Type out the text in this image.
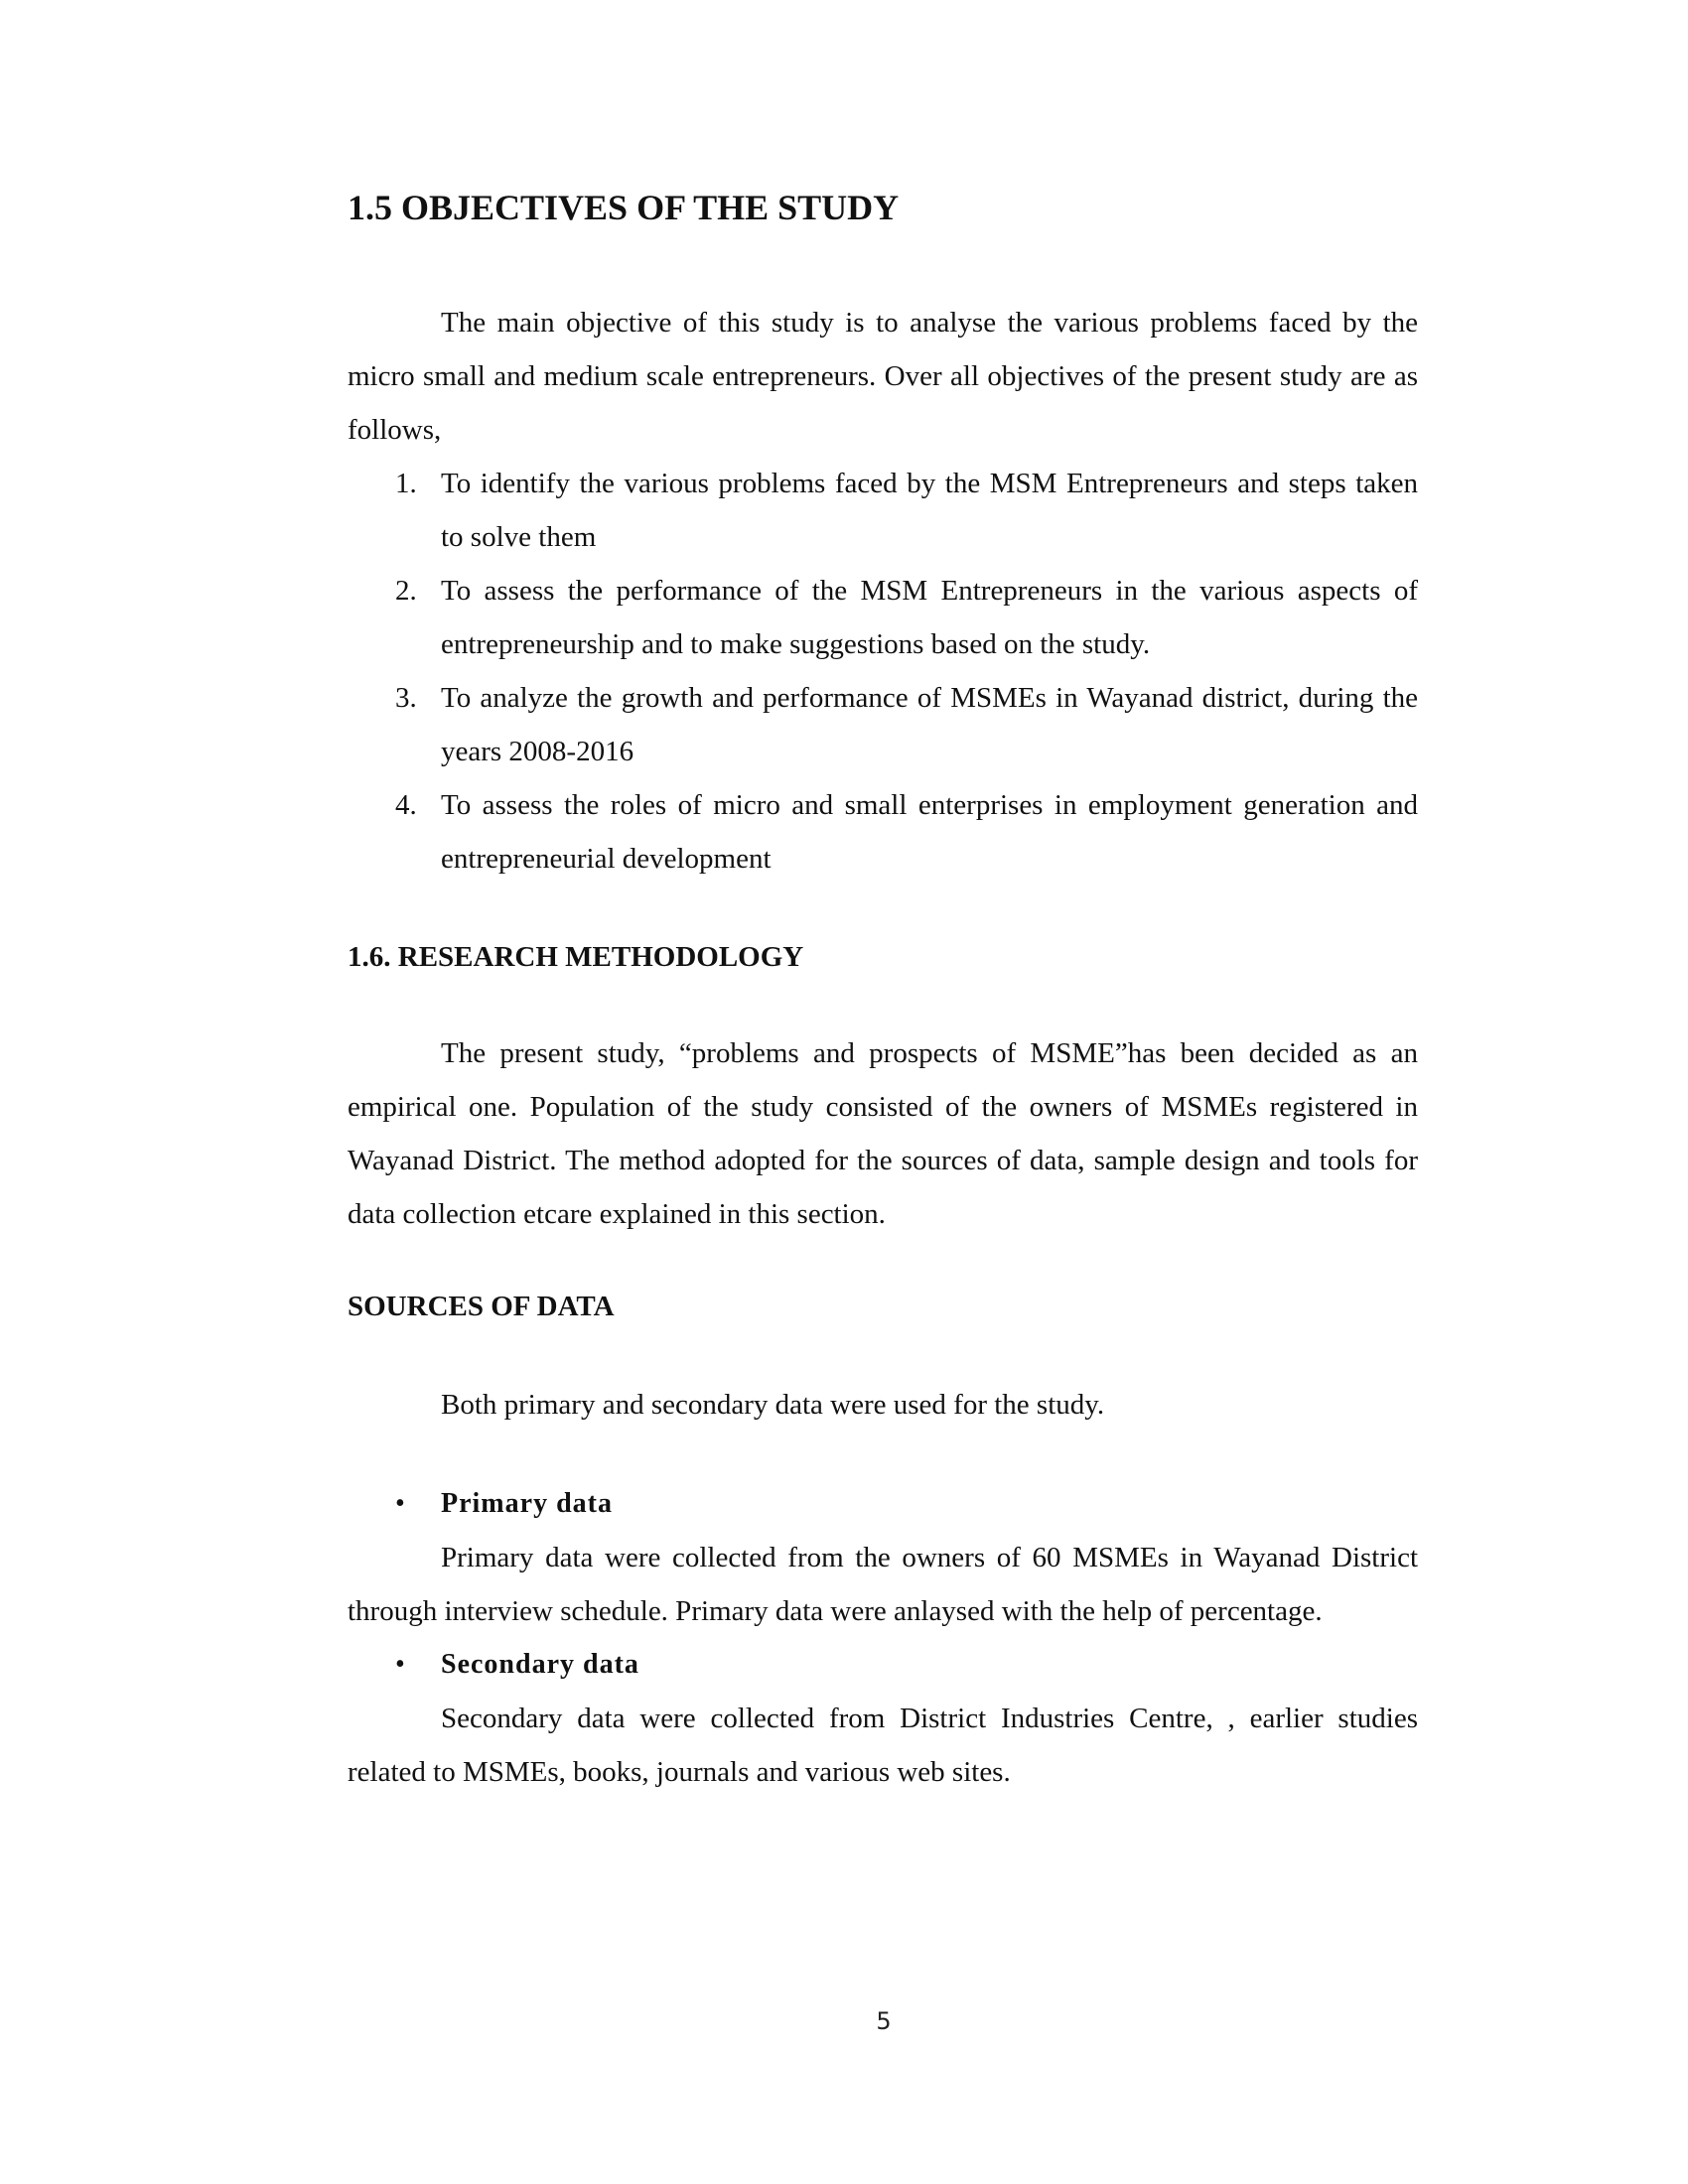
1.5 OBJECTIVES OF THE STUDY

The main objective of this study is to analyse the various problems faced by the micro small and medium scale entrepreneurs. Over all objectives of the present study are as follows,

1. To identify the various problems faced by the MSM Entrepreneurs and steps taken to solve them
2. To assess the performance of the MSM Entrepreneurs in the various aspects of entrepreneurship and to make suggestions based on the study.
3. To analyze the growth and performance of MSMEs in Wayanad district, during the years 2008-2016
4. To assess the roles of micro and small enterprises in employment generation and entrepreneurial development
1.6. RESEARCH METHODOLOGY

The present study, “problems and prospects of MSME”has been decided as an empirical one. Population of the study consisted of the owners of MSMEs registered in Wayanad District. The method adopted for the sources of data, sample design and tools for data collection etcare explained in this section.

SOURCES OF DATA

Both primary and secondary data were used for the study.

• Primary data

Primary data were collected from the owners of 60 MSMEs in Wayanad District through interview schedule. Primary data were anlaysed with the help of percentage.

• Secondary data

Secondary data were collected from District Industries Centre, , earlier studies related to MSMEs, books, journals and various web sites.

5
